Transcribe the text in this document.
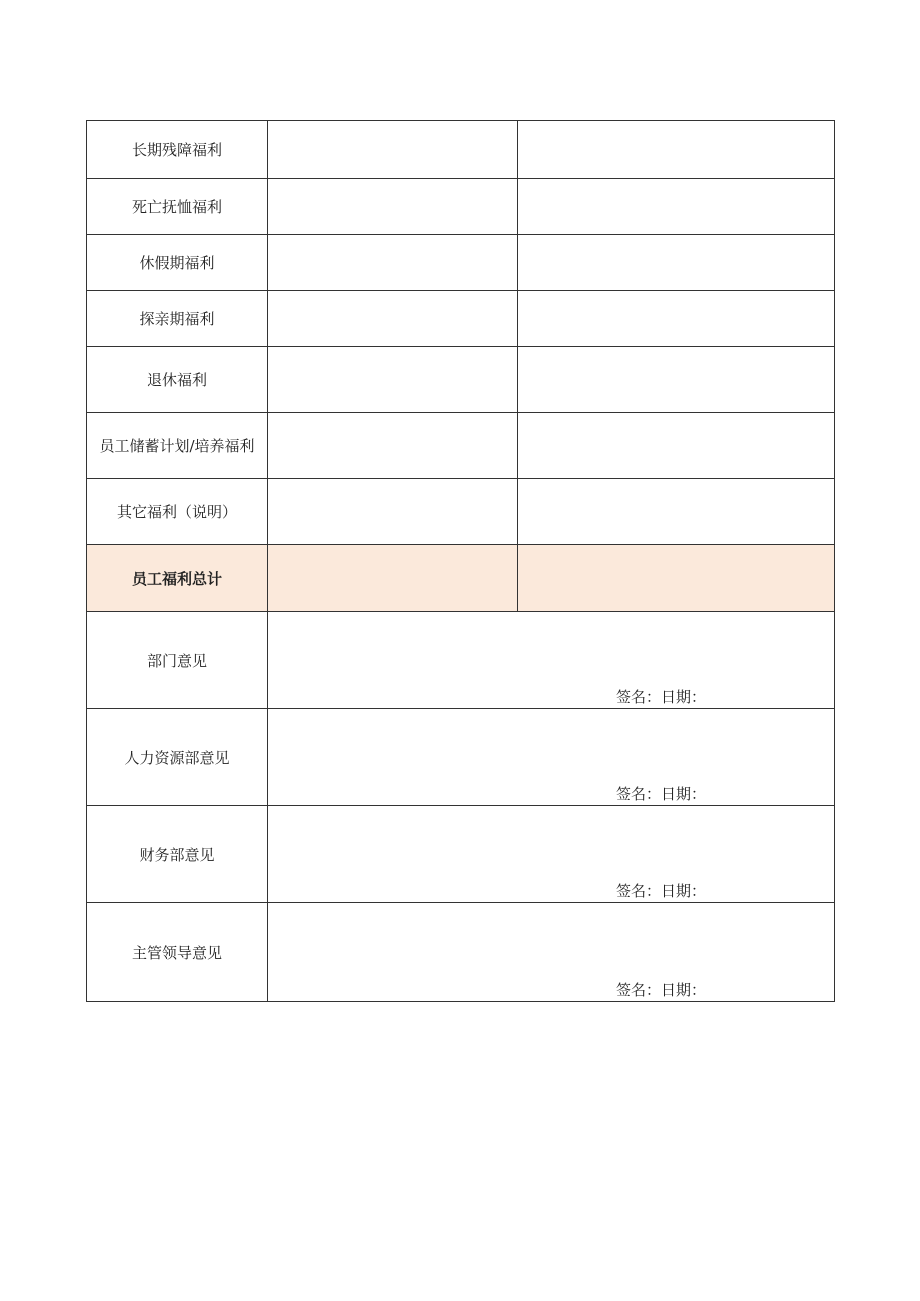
长期残障福利		
死亡抚恤福利		
休假期福利		
探亲期福利		
退休福利		
员工储蓄计划/培养福利		
其它福利（说明）		
员工福利总计		
部门意见	签名：日期：	

人力资源部意见	签名：日期：	

财务部意见	签名：日期：	

主管领导意见	签名：日期：	
